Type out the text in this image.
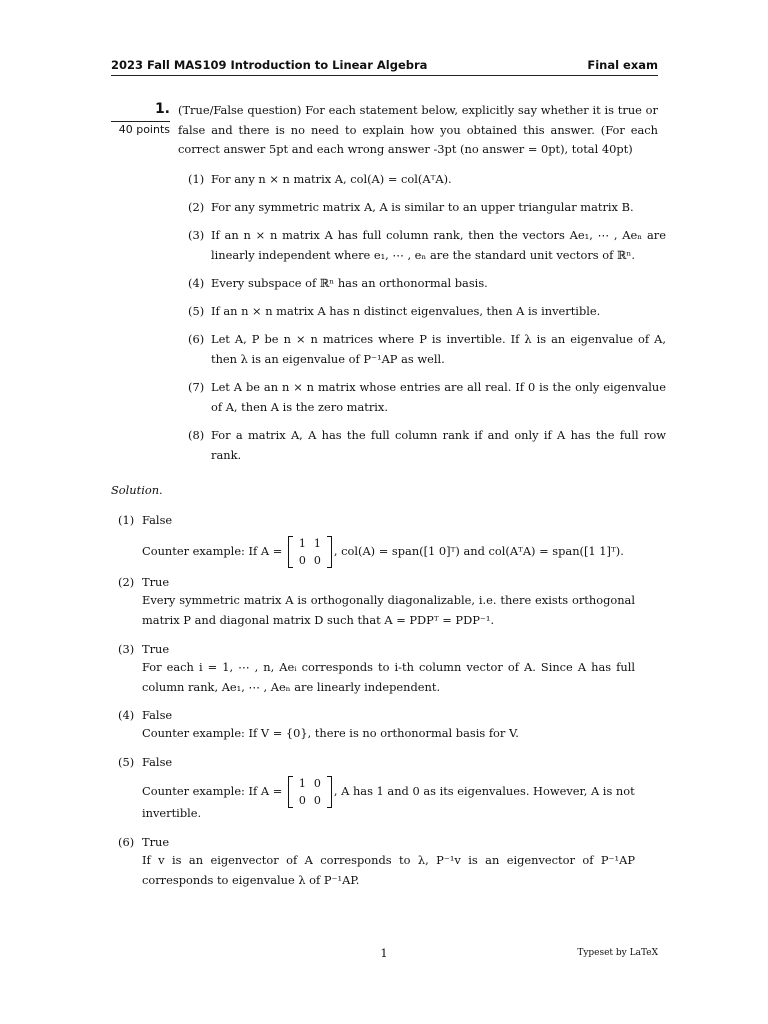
2023 Fall MAS109 Introduction to Linear Algebra	Final exam
1.
40 points
(True/False question) For each statement below, explicitly say whether it is true or false and there is no need to explain how you obtained this answer. (For each correct answer 5pt and each wrong answer -3pt (no answer = 0pt), total 40pt)
(1) For any n × n matrix A, col(A) = col(AᵀA).
(2) For any symmetric matrix A, A is similar to an upper triangular matrix B.
(3) If an n × n matrix A has full column rank, then the vectors Ae₁, ⋯ , Aeₙ are linearly independent where e₁, ⋯ , eₙ are the standard unit vectors of ℝⁿ.
(4) Every subspace of ℝⁿ has an orthonormal basis.
(5) If an n × n matrix A has n distinct eigenvalues, then A is invertible.
(6) Let A, P be n × n matrices where P is invertible. If λ is an eigenvalue of A, then λ is an eigenvalue of P⁻¹AP as well.
(7) Let A be an n × n matrix whose entries are all real. If 0 is the only eigenvalue of A, then A is the zero matrix.
(8) For a matrix A, A has the full column rank if and only if A has the full row rank.
Solution.
(1) False
Counter example: If A =
1	1
0	0
, col(A) = span([1 0]ᵀ) and col(AᵀA) = span([1 1]ᵀ).
(2) True
Every symmetric matrix A is orthogonally diagonalizable, i.e. there exists orthogonal matrix P and diagonal matrix D such that A = PDPᵀ = PDP⁻¹.
(3) True
For each i = 1, ⋯ , n, Aeᵢ corresponds to i-th column vector of A. Since A has full column rank, Ae₁, ⋯ , Aeₙ are linearly independent.
(4) False
Counter example: If V = {0}, there is no orthonormal basis for V.
(5) False
Counter example: If A =
1	0
0	0
, A has 1 and 0 as its eigenvalues. However, A is not
invertible.
(6) True
If v is an eigenvector of A corresponds to λ, P⁻¹v is an eigenvector of P⁻¹AP corresponds to eigenvalue λ of P⁻¹AP.
1	Typeset by LaTeX
